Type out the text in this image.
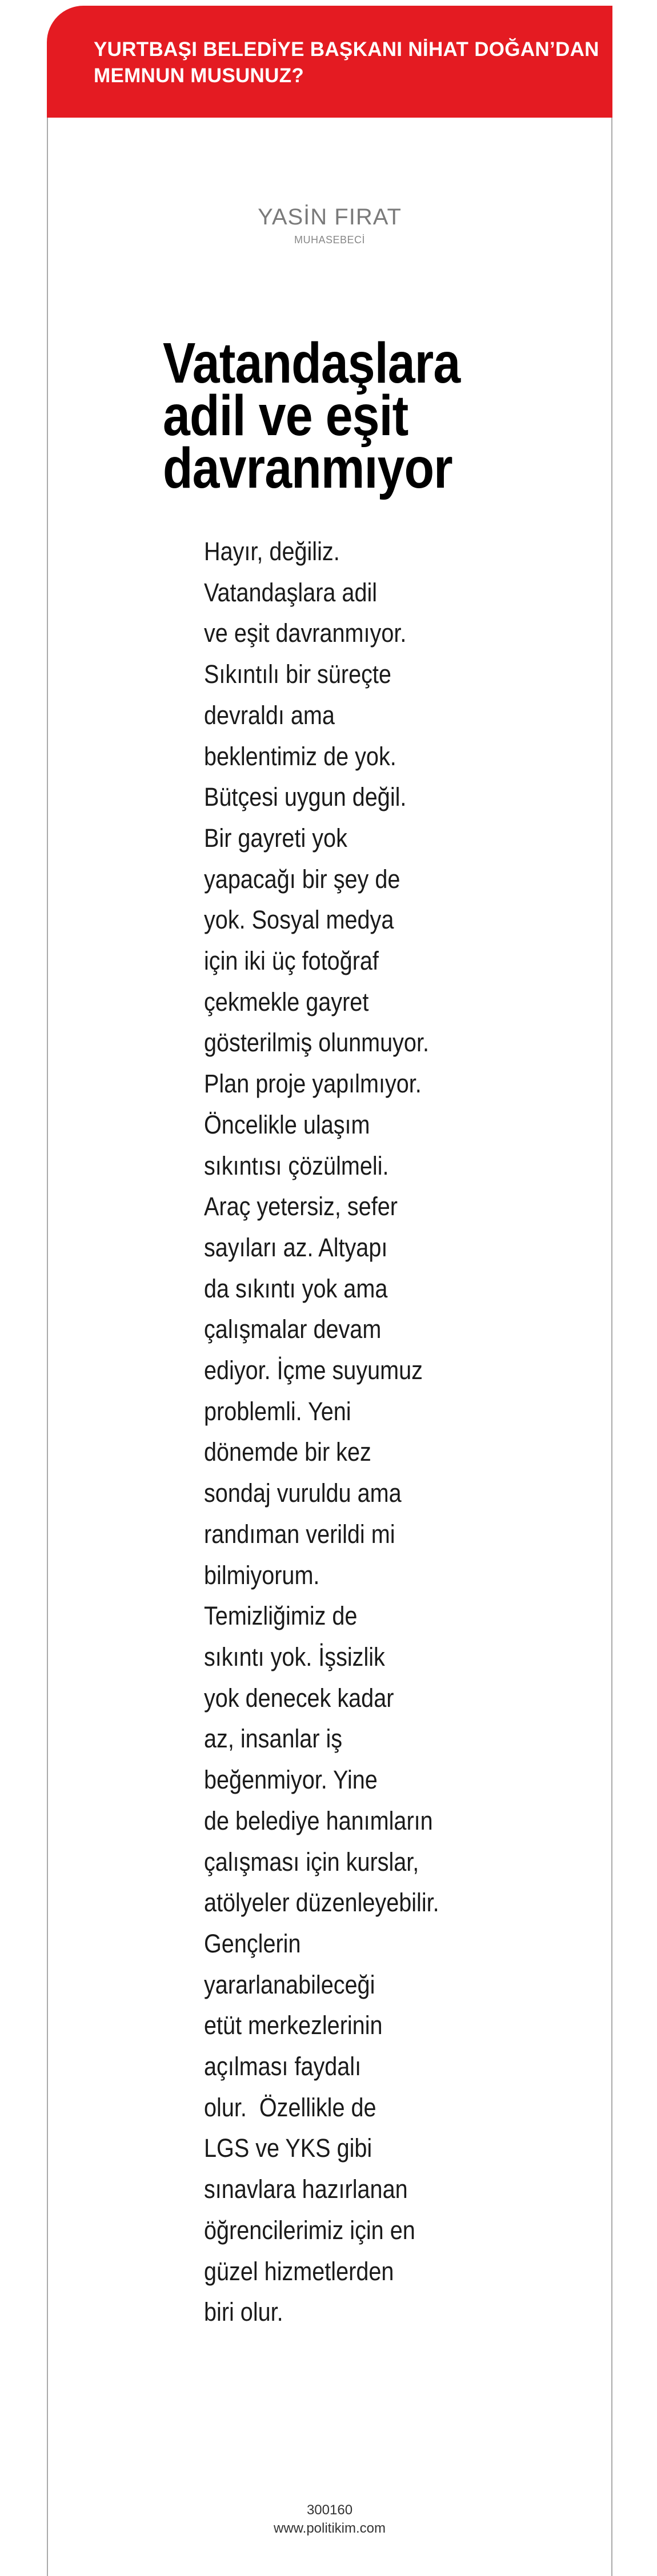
YURTBAŞI BELEDİYE BAŞKANI NİHAT DOĞAN’DAN
MEMNUN MUSUNUZ?
YASİN FIRAT
MUHASEBECİ
Vatandaşlara
adil ve eşit
davranmıyor
Hayır, değiliz.
Vatandaşlara adil
ve eşit davranmıyor.
Sıkıntılı bir süreçte
devraldı ama
beklentimiz de yok.
Bütçesi uygun değil.
Bir gayreti yok
yapacağı bir şey de
yok. Sosyal medya
için iki üç fotoğraf
çekmekle gayret
gösterilmiş olunmuyor.
Plan proje yapılmıyor.
Öncelikle ulaşım
sıkıntısı çözülmeli.
Araç yetersiz, sefer
sayıları az. Altyapı
da sıkıntı yok ama
çalışmalar devam
ediyor. İçme suyumuz
problemli. Yeni
dönemde bir kez
sondaj vuruldu ama
randıman verildi mi
bilmiyorum.
Temizliğimiz de
sıkıntı yok. İşsizlik
yok denecek kadar
az, insanlar iş
beğenmiyor. Yine
de belediye hanımların
çalışması için kurslar,
atölyeler düzenleyebilir.
Gençlerin
yararlanabileceği
etüt merkezlerinin
açılması faydalı
olur.  Özellikle de
LGS ve YKS gibi
sınavlara hazırlanan
öğrencilerimiz için en
güzel hizmetlerden
biri olur.
300160
www.politikim.com
